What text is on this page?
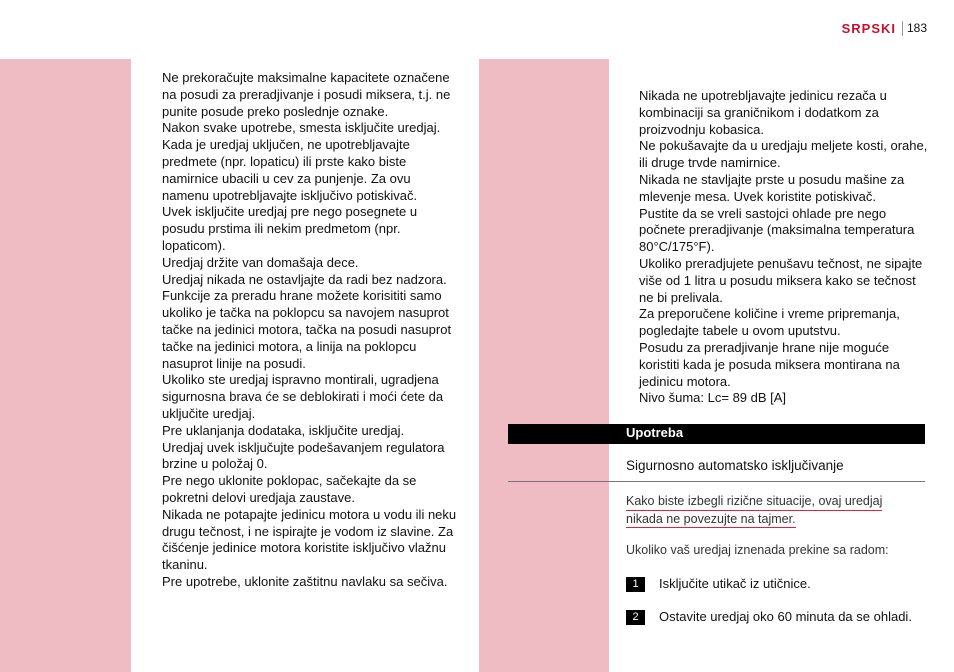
SRPSKI 183

Ne prekoračujte maksimalne kapacitete označene na posudi za preradjivanje i posudi miksera, t.j. ne punite posude preko poslednje oznake.

Nakon svake upotrebe, smesta isključite uredjaj.

Kada je uredjaj uključen, ne upotrebljavajte predmete (npr. lopaticu) ili prste kako biste namirnice ubacili u cev za punjenje. Za ovu namenu upotrebljavajte isključivo potiskivač.

Uvek isključite uredjaj pre nego posegnete u posudu prstima ili nekim predmetom (npr. lopaticom).

Uredjaj držite van domašaja dece.

Uredjaj nikada ne ostavljajte da radi bez nadzora.

Funkcije za preradu hrane možete korisititi samo ukoliko je tačka na poklopcu sa navojem nasuprot tačke na jedinici motora, tačka na posudi nasuprot tačke na jedinici motora, a linija na poklopcu nasuprot linije na posudi.

Ukoliko ste uredjaj ispravno montirali, ugradjena sigurnosna brava će se deblokirati i moći ćete da uključite uredjaj.

Pre uklanjanja dodataka, isključite uredjaj.

Uredjaj uvek isključujte podešavanjem regulatora brzine u položaj 0.

Pre nego uklonite poklopac, sačekajte da se pokretni delovi uredjaja zaustave.

Nikada ne potapajte jedinicu motora u vodu ili neku drugu tečnost, i ne ispirajte je vodom iz slavine. Za čišćenje jedinice motora koristite isključivo vlažnu tkaninu.

Pre upotrebe, uklonite zaštitnu navlaku sa sečiva.

Nikada ne upotrebljavajte jedinicu rezača u kombinaciji sa graničnikom i dodatkom za proizvodnju kobasica.

Ne pokušavajte da u uredjaju meljete kosti, orahe, ili druge trvde namirnice.

Nikada ne stavljajte prste u posudu mašine za mlevenje mesa. Uvek koristite potiskivač.

Pustite da se vreli sastojci ohlade pre nego počnete preradjivanje (maksimalna temperatura 80°C/175°F).

Ukoliko preradjujete penušavu tečnost, ne sipajte više od 1 litra u posudu miksera kako se tečnost ne bi prelivala.

Za preporučene količine i vreme pripremanja, pogledajte tabele u ovom uputstvu.

Posudu za preradjivanje hrane nije moguće koristiti kada je posuda miksera montirana na jedinicu motora.

Nivo šuma: Lc= 89 dB [A]

Upotreba
Sigurnosno automatsko isključivanje
Kako biste izbegli rizične situacije, ovaj uredjaj
nikada ne povezujte na tajmer.
Ukoliko vaš uredjaj iznenada prekine sa radom:
1	Isključite utikač iz utičnice.
2	Ostavite uredjaj oko 60 minuta da se ohladi.
